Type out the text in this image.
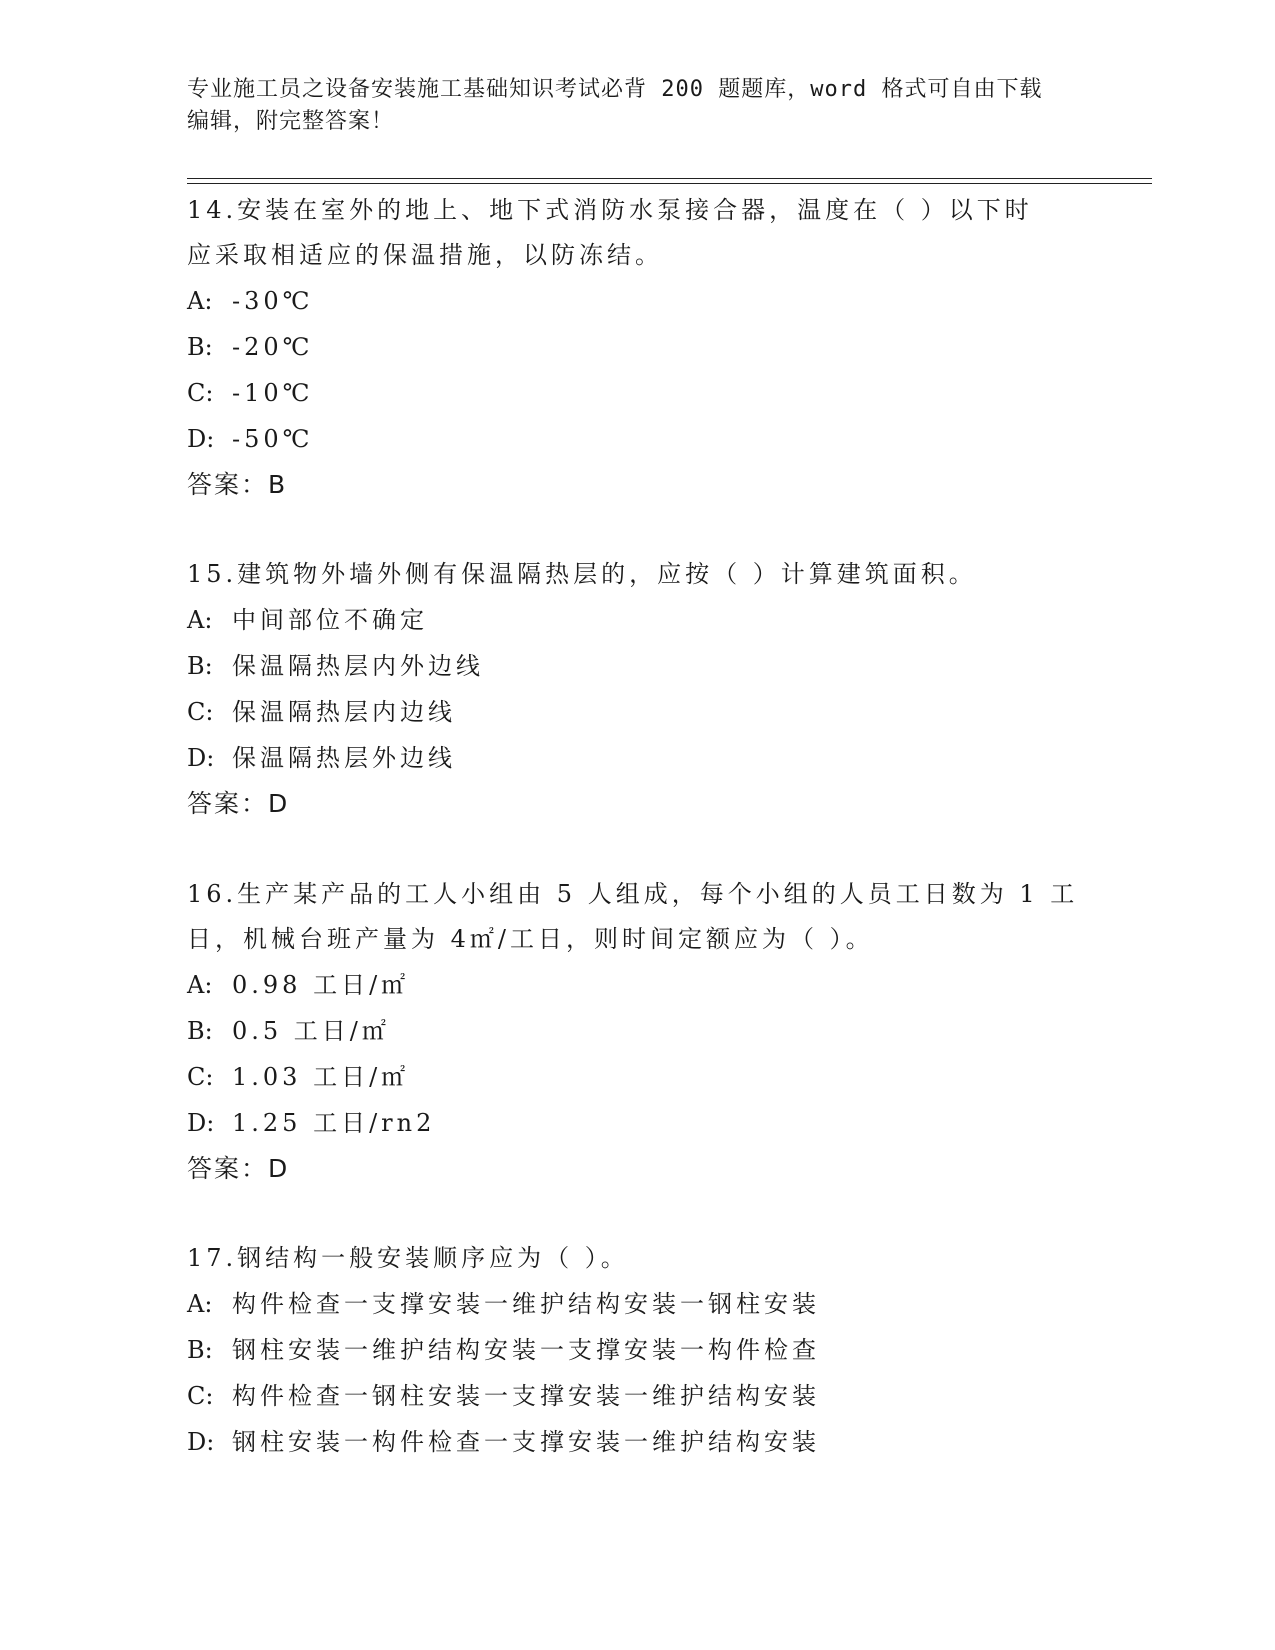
专业施工员之设备安装施工基础知识考试必背 200 题题库，word 格式可自由下载
编辑，附完整答案！
14.安装在室外的地上、地下式消防水泵接合器，温度在（ ）以下时
应采取相适应的保温措施，以防冻结。
A: -30℃
B: -20℃
C: -10℃
D: -50℃
答案：B
15.建筑物外墙外侧有保温隔热层的，应按（ ）计算建筑面积。
A: 中间部位不确定
B: 保温隔热层内外边线
C: 保温隔热层内边线
D: 保温隔热层外边线
答案：D
16.生产某产品的工人小组由 5 人组成，每个小组的人员工日数为 1 工
日，机械台班产量为 4㎡/工日，则时间定额应为（ ）。
A: 0.98 工日/㎡
B: 0.5 工日/㎡
C: 1.03 工日/㎡
D: 1.25 工日/rn2
答案：D
17.钢结构一般安装顺序应为（ ）。
A: 构件检查一支撑安装一维护结构安装一钢柱安装
B: 钢柱安装一维护结构安装一支撑安装一构件检查
C: 构件检查一钢柱安装一支撑安装一维护结构安装
D: 钢柱安装一构件检查一支撑安装一维护结构安装
